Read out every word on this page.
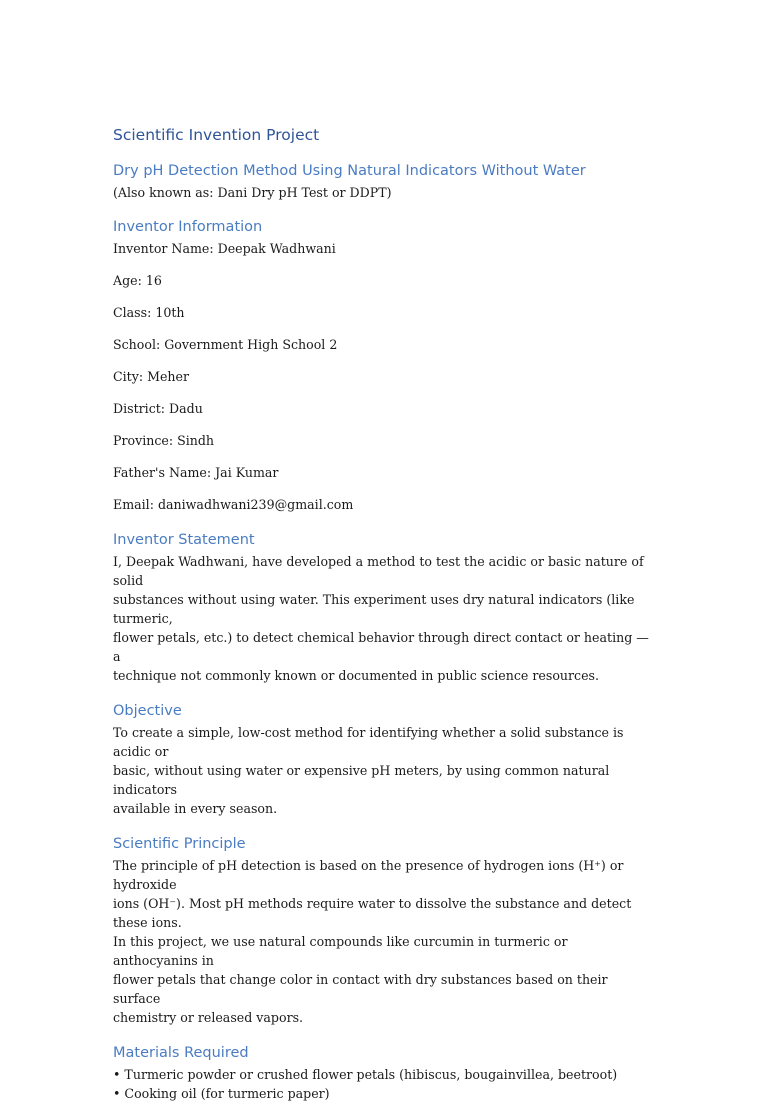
Scientific Invention Project
Dry pH Detection Method Using Natural Indicators Without Water
(Also known as: Dani Dry pH Test or DDPT)
Inventor Information
Inventor Name: Deepak Wadhwani
Age: 16
Class: 10th
School: Government High School 2
City: Meher
District: Dadu
Province: Sindh
Father's Name: Jai Kumar
Email: daniwadhwani239@gmail.com
Inventor Statement
I, Deepak Wadhwani, have developed a method to test the acidic or basic nature of solid
substances without using water. This experiment uses dry natural indicators (like turmeric,
flower petals, etc.) to detect chemical behavior through direct contact or heating — a
technique not commonly known or documented in public science resources.
Objective
To create a simple, low-cost method for identifying whether a solid substance is acidic or
basic, without using water or expensive pH meters, by using common natural indicators
available in every season.
Scientific Principle
The principle of pH detection is based on the presence of hydrogen ions (H⁺) or hydroxide
ions (OH⁻). Most pH methods require water to dissolve the substance and detect these ions.
In this project, we use natural compounds like curcumin in turmeric or anthocyanins in
flower petals that change color in contact with dry substances based on their surface
chemistry or released vapors.
Materials Required
• Turmeric powder or crushed flower petals (hibiscus, bougainvillea, beetroot)
• Cooking oil (for turmeric paper)
